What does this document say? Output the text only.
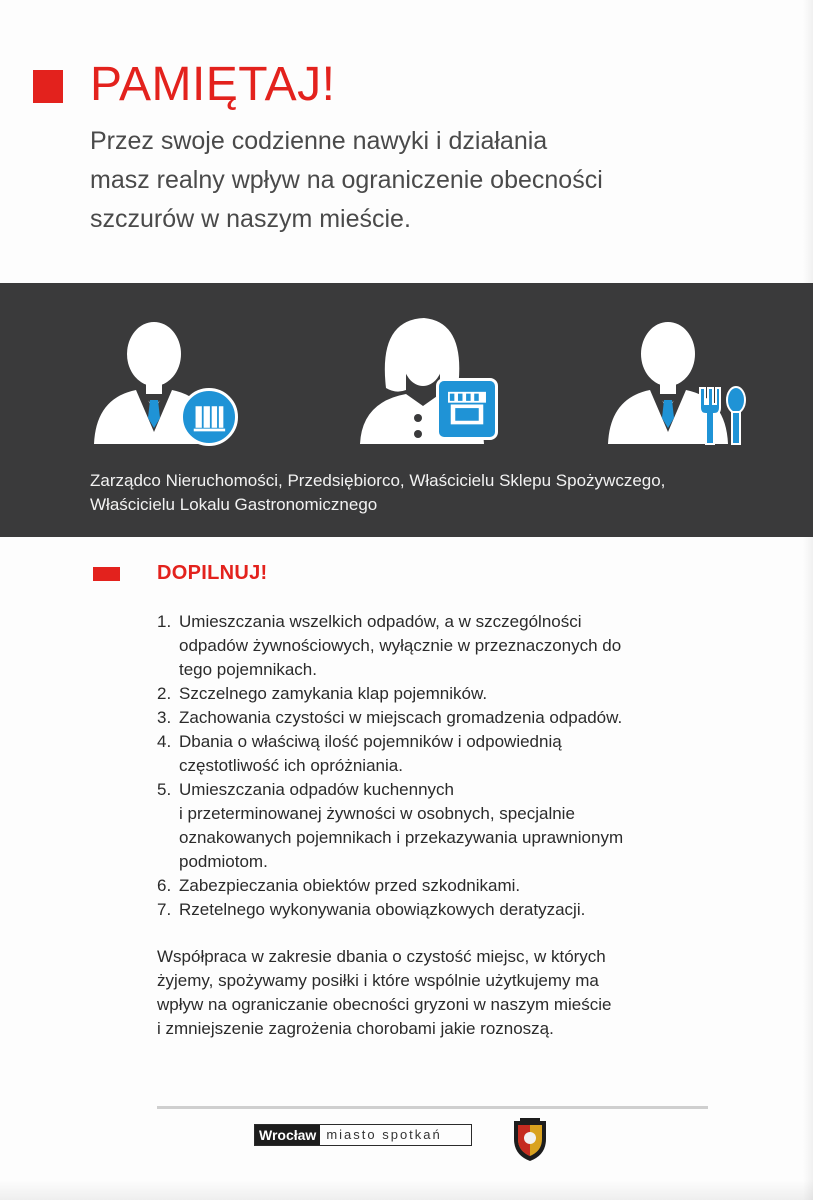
PAMIĘTAJ!
Przez swoje codzienne nawyki i działania
masz realny wpływ na ograniczenie obecności
szczurów w naszym mieście.
Zarządco Nieruchomości, Przedsiębiorco, Właścicielu Sklepu Spożywczego,
Właścicielu Lokalu Gastronomicznego
DOPILNUJ!
1. Umieszczania wszelkich odpadów, a w szczególności
odpadów żywnościowych, wyłącznie w przeznaczonych do
tego pojemnikach.
2. Szczelnego zamykania klap pojemników.
3. Zachowania czystości w miejscach gromadzenia odpadów.
4. Dbania o właściwą ilość pojemników i odpowiednią
częstotliwość ich opróżniania.
5. Umieszczania odpadów kuchennych
i przeterminowanej żywności w osobnych, specjalnie
oznakowanych pojemnikach i przekazywania uprawnionym
podmiotom.
6. Zabezpieczania obiektów przed szkodnikami.
7. Rzetelnego wykonywania obowiązkowych deratyzacji.
Współpraca w zakresie dbania o czystość miejsc, w których
żyjemy, spożywamy posiłki i które wspólnie użytkujemy ma
wpływ na ograniczanie obecności gryzoni w naszym mieście
i zmniejszenie zagrożenia chorobami jakie roznoszą.
Wrocław miasto spotkań
